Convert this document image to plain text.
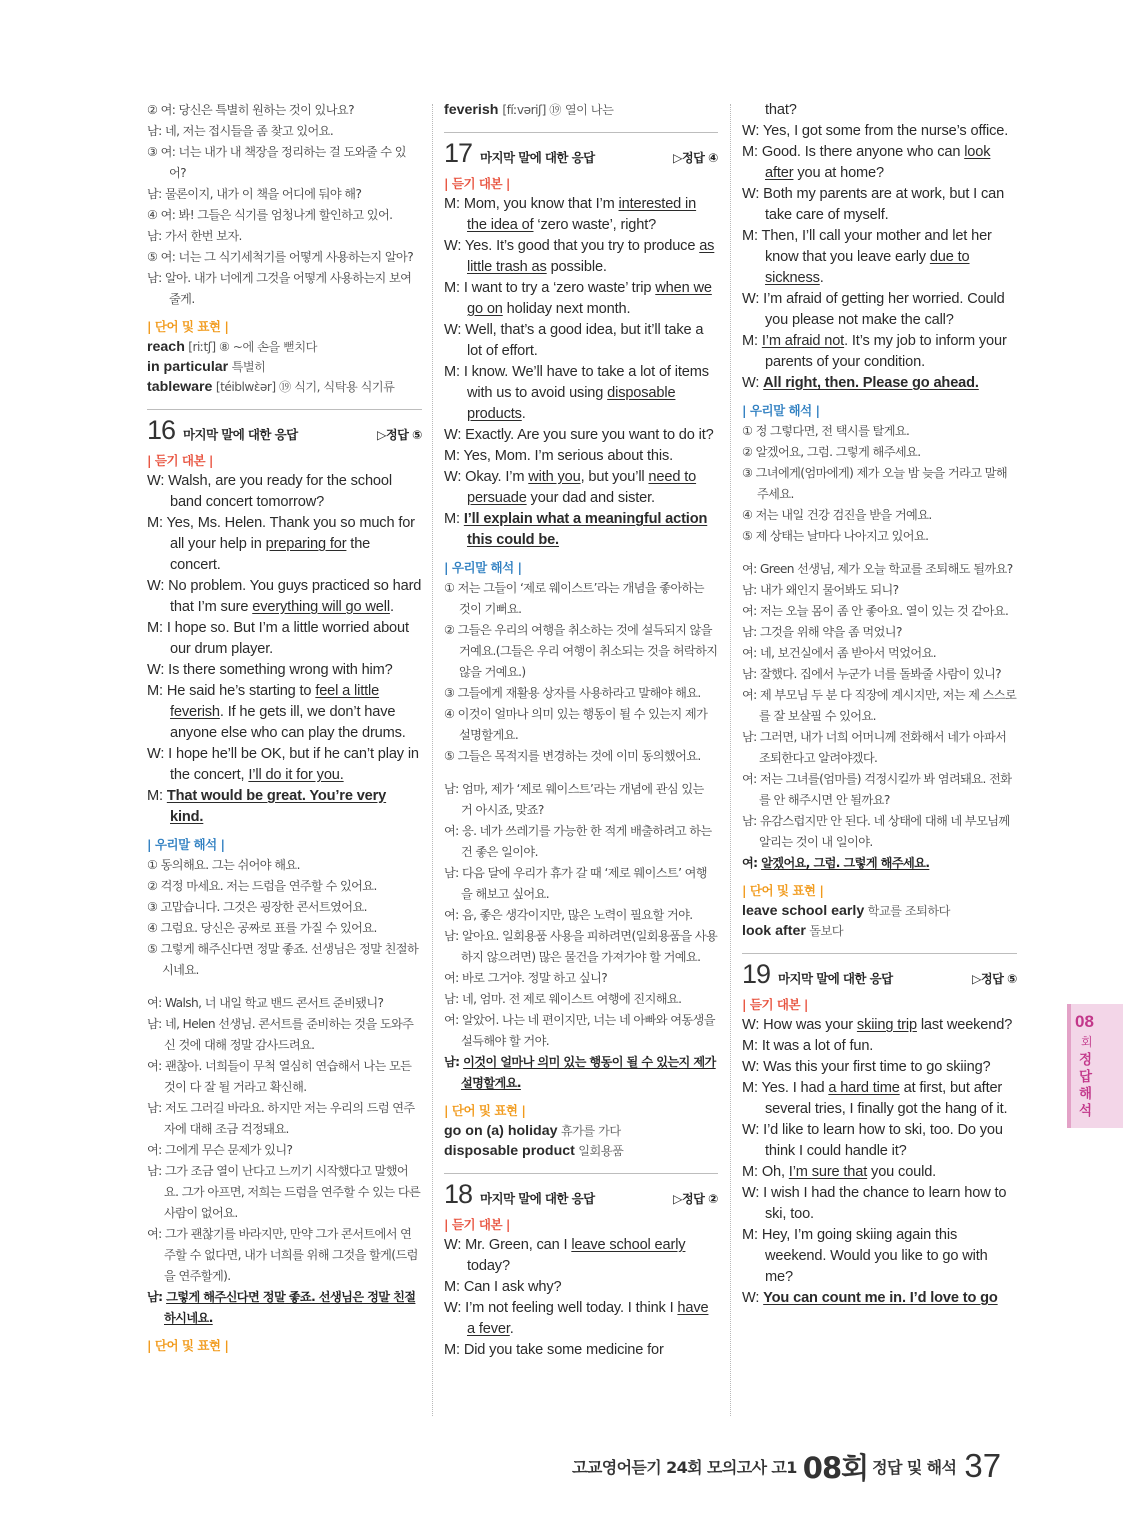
② 여: 당신은 특별히 원하는 것이 있나요?
남: 네, 저는 접시들을 좀 찾고 있어요.
③ 여: 너는 내가 내 책장을 정리하는 걸 도와줄 수 있어?
남: 물론이지, 내가 이 책을 어디에 둬야 해?
④ 여: 봐! 그들은 식기를 엄청나게 할인하고 있어.
남: 가서 한번 보자.
⑤ 여: 너는 그 식기세척기를 어떻게 사용하는지 알아?
남: 알아. 내가 너에게 그것을 어떻게 사용하는지 보여줄게.
| 단어 및 표현 |
reach [riːtʃ] ⑧ ~에 손을 뻗치다
in particular 특별히
tableware [téiblwɛ̀ər] ⑲ 식기, 식탁용 식기류
16 마지막 말에 대한 응답	▷정답 ⑤
| 듣기 대본 |
W: Walsh, are you ready for the school band concert tomorrow?
M: Yes, Ms. Helen. Thank you so much for all your help in preparing for the concert.
W: No problem. You guys practiced so hard that I’m sure everything will go well.
M: I hope so. But I’m a little worried about our drum player.
W: Is there something wrong with him?
M: He said he’s starting to feel a little feverish. If he gets ill, we don’t have anyone else who can play the drums.
W: I hope he’ll be OK, but if he can’t play in the concert, I’ll do it for you.
M: That would be great. You’re very kind.
| 우리말 해석 |
① 동의해요. 그는 쉬어야 해요.
② 걱정 마세요. 저는 드럼을 연주할 수 있어요.
③ 고맙습니다. 그것은 굉장한 콘서트였어요.
④ 그럼요. 당신은 공짜로 표를 가질 수 있어요.
⑤ 그렇게 해주신다면 정말 좋죠. 선생님은 정말 친절하시네요.
여: Walsh, 너 내일 학교 밴드 콘서트 준비됐니?
남: 네, Helen 선생님. 콘서트를 준비하는 것을 도와주신 것에 대해 정말 감사드려요.
여: 괜찮아. 너희들이 무척 열심히 연습해서 나는 모든 것이 다 잘 될 거라고 확신해.
남: 저도 그러길 바라요. 하지만 저는 우리의 드럼 연주자에 대해 조금 걱정돼요.
여: 그에게 무슨 문제가 있니?
남: 그가 조금 열이 난다고 느끼기 시작했다고 말했어요. 그가 아프면, 저희는 드럼을 연주할 수 있는 다른 사람이 없어요.
여: 그가 괜찮기를 바라지만, 만약 그가 콘서트에서 연주할 수 없다면, 내가 너희를 위해 그것을 할게(드럼을 연주할게).
남: 그렇게 해주신다면 정말 좋죠. 선생님은 정말 친절하시네요.
| 단어 및 표현 |
feverish [fíːvəriʃ] ⑲ 열이 나는
17 마지막 말에 대한 응답	▷정답 ④
| 듣기 대본 |
M: Mom, you know that I’m interested in the idea of ‘zero waste’, right?
W: Yes. It’s good that you try to produce as little trash as possible.
M: I want to try a ‘zero waste’ trip when we go on holiday next month.
W: Well, that’s a good idea, but it’ll take a lot of effort.
M: I know. We’ll have to take a lot of items with us to avoid using disposable products.
W: Exactly. Are you sure you want to do it?
M: Yes, Mom. I’m serious about this.
W: Okay. I’m with you, but you’ll need to persuade your dad and sister.
M: I’ll explain what a meaningful action this could be.
| 우리말 해석 |
① 저는 그들이 ‘제로 웨이스트’라는 개념을 좋아하는 것이 기뻐요.
② 그들은 우리의 여행을 취소하는 것에 설득되지 않을 거예요.(그들은 우리 여행이 취소되는 것을 허락하지 않을 거예요.)
③ 그들에게 재활용 상자를 사용하라고 말해야 해요.
④ 이것이 얼마나 의미 있는 행동이 될 수 있는지 제가 설명할게요.
⑤ 그들은 목적지를 변경하는 것에 이미 동의했어요.
남: 엄마, 제가 ‘제로 웨이스트’라는 개념에 관심 있는 거 아시죠, 맞죠?
여: 응. 네가 쓰레기를 가능한 한 적게 배출하려고 하는 건 좋은 일이야.
남: 다음 달에 우리가 휴가 갈 때 ‘제로 웨이스트’ 여행을 해보고 싶어요.
여: 음, 좋은 생각이지만, 많은 노력이 필요할 거야.
남: 알아요. 일회용품 사용을 피하려면(일회용품을 사용하지 않으려면) 많은 물건을 가져가야 할 거예요.
여: 바로 그거야. 정말 하고 싶니?
남: 네, 엄마. 전 제로 웨이스트 여행에 진지해요.
여: 알았어. 나는 네 편이지만, 너는 네 아빠와 여동생을 설득해야 할 거야.
남: 이것이 얼마나 의미 있는 행동이 될 수 있는지 제가 설명할게요.
| 단어 및 표현 |
go on (a) holiday 휴가를 가다
disposable product 일회용품
18 마지막 말에 대한 응답	▷정답 ②
| 듣기 대본 |
W: Mr. Green, can I leave school early today?
M: Can I ask why?
W: I’m not feeling well today. I think I have a fever.
M: Did you take some medicine for
that?
W: Yes, I got some from the nurse’s office.
M: Good. Is there anyone who can look after you at home?
W: Both my parents are at work, but I can take care of myself.
M: Then, I’ll call your mother and let her know that you leave early due to sickness.
W: I’m afraid of getting her worried. Could you please not make the call?
M: I’m afraid not. It’s my job to inform your parents of your condition.
W: All right, then. Please go ahead.
| 우리말 해석 |
① 정 그렇다면, 전 택시를 탈게요.
② 알겠어요, 그럼. 그렇게 해주세요.
③ 그녀에게(엄마에게) 제가 오늘 밤 늦을 거라고 말해주세요.
④ 저는 내일 건강 검진을 받을 거예요.
⑤ 제 상태는 날마다 나아지고 있어요.
여: Green 선생님, 제가 오늘 학교를 조퇴해도 될까요?
남: 내가 왜인지 물어봐도 되니?
여: 저는 오늘 몸이 좀 안 좋아요. 열이 있는 것 같아요.
남: 그것을 위해 약을 좀 먹었니?
여: 네, 보건실에서 좀 받아서 먹었어요.
남: 잘했다. 집에서 누군가 너를 돌봐줄 사람이 있니?
여: 제 부모님 두 분 다 직장에 계시지만, 저는 제 스스로를 잘 보살필 수 있어요.
남: 그러면, 내가 너희 어머니께 전화해서 네가 아파서 조퇴한다고 알려야겠다.
여: 저는 그녀를(엄마를) 걱정시킬까 봐 염려돼요. 전화를 안 해주시면 안 될까요?
남: 유감스럽지만 안 된다. 네 상태에 대해 네 부모님께 알리는 것이 내 일이야.
여: 알겠어요, 그럼. 그렇게 해주세요.
| 단어 및 표현 |
leave school early 학교를 조퇴하다
look after 돌보다
19 마지막 말에 대한 응답	▷정답 ⑤
| 듣기 대본 |
W: How was your skiing trip last weekend?
M: It was a lot of fun.
W: Was this your first time to go skiing?
M: Yes. I had a hard time at first, but after several tries, I finally got the hang of it.
W: I’d like to learn how to ski, too. Do you think I could handle it?
M: Oh, I’m sure that you could.
W: I wish I had the chance to learn how to ski, too.
M: Hey, I’m going skiing again this weekend. Would you like to go with me?
W: You can count me in. I’d love to go
08
회
정답해석
고교영어듣기 24회 모의고사 고1 08회 정답 및 해석 37
